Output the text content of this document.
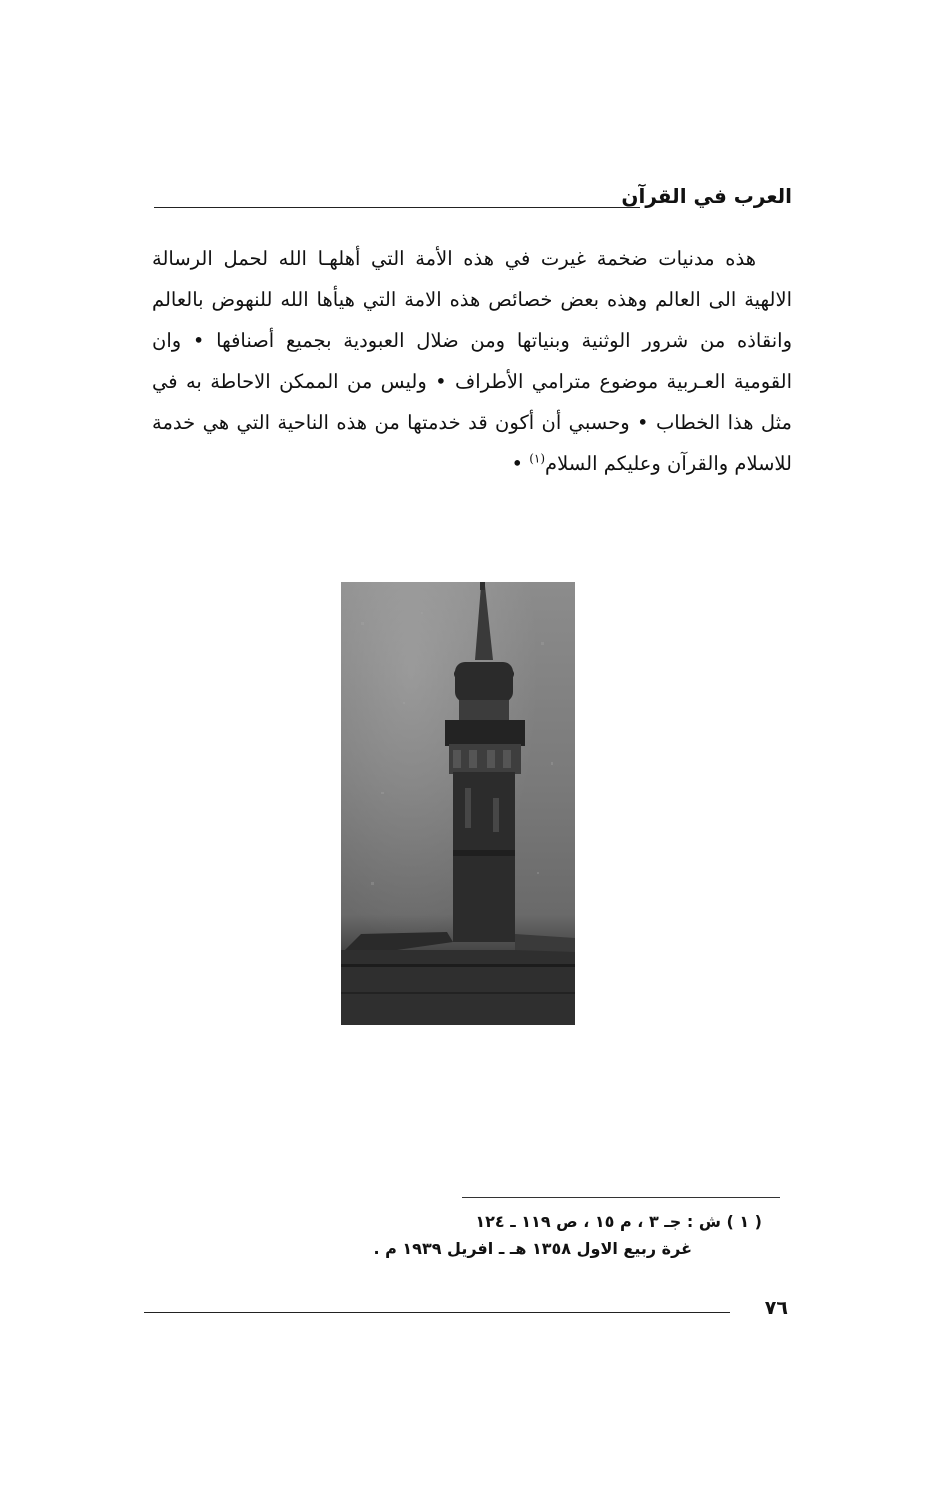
العرب في القرآن

هذه مدنيات ضخمة غيرت في هذه الأمة التي أهلهـا الله لحمل الرسالة الالهية الى العالم وهذه بعض خصائص هذه الامة التي هيأها الله للنهوض بالعالم وانقاذه من شرور الوثنية وبنياتها ومن ضلال العبودية بجميع أصنافها • وان القومية العـربية موضوع مترامي الأطراف • وليس من الممكن الاحاطة به في مثل هذا الخطاب • وحسبي أن أكون قد خدمتها من هذه الناحية التي هي خدمة للاسلام والقرآن وعليكم السلام$^{(١)}$ •

( ١ ) ش : جـ ٣ ، م ١٥ ، ص ١١٩ ـ ١٢٤
غرة ربيع الاول ١٣٥٨ هـ ـ افريل ١٩٣٩ م .
٧٦
